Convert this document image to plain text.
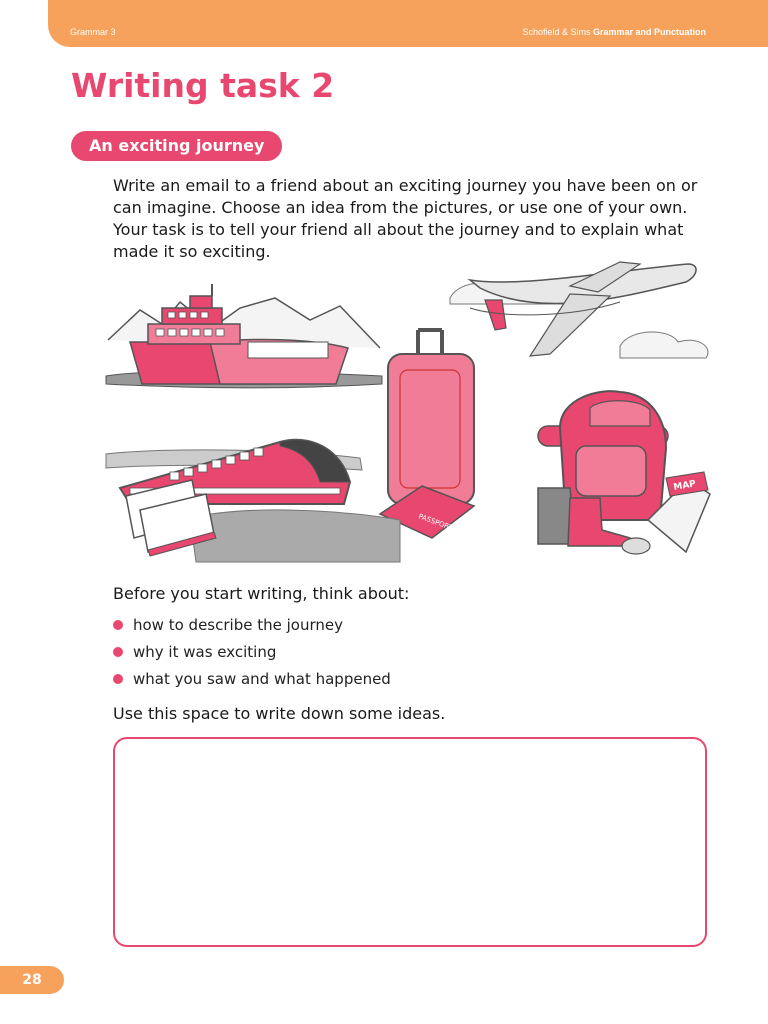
Grammar 3	Schofield & Sims Grammar and Punctuation
Writing task 2
An exciting journey

Write an email to a friend about an exciting journey you have been on or can imagine. Choose an idea from the pictures, or use one of your own. Your task is to tell your friend all about the journey and to explain what made it so exciting.

PASSPORT
MAP

Before you start writing, think about:

how to describe the journey
why it was exciting
what you saw and what happened

Use this space to write down some ideas.

28
